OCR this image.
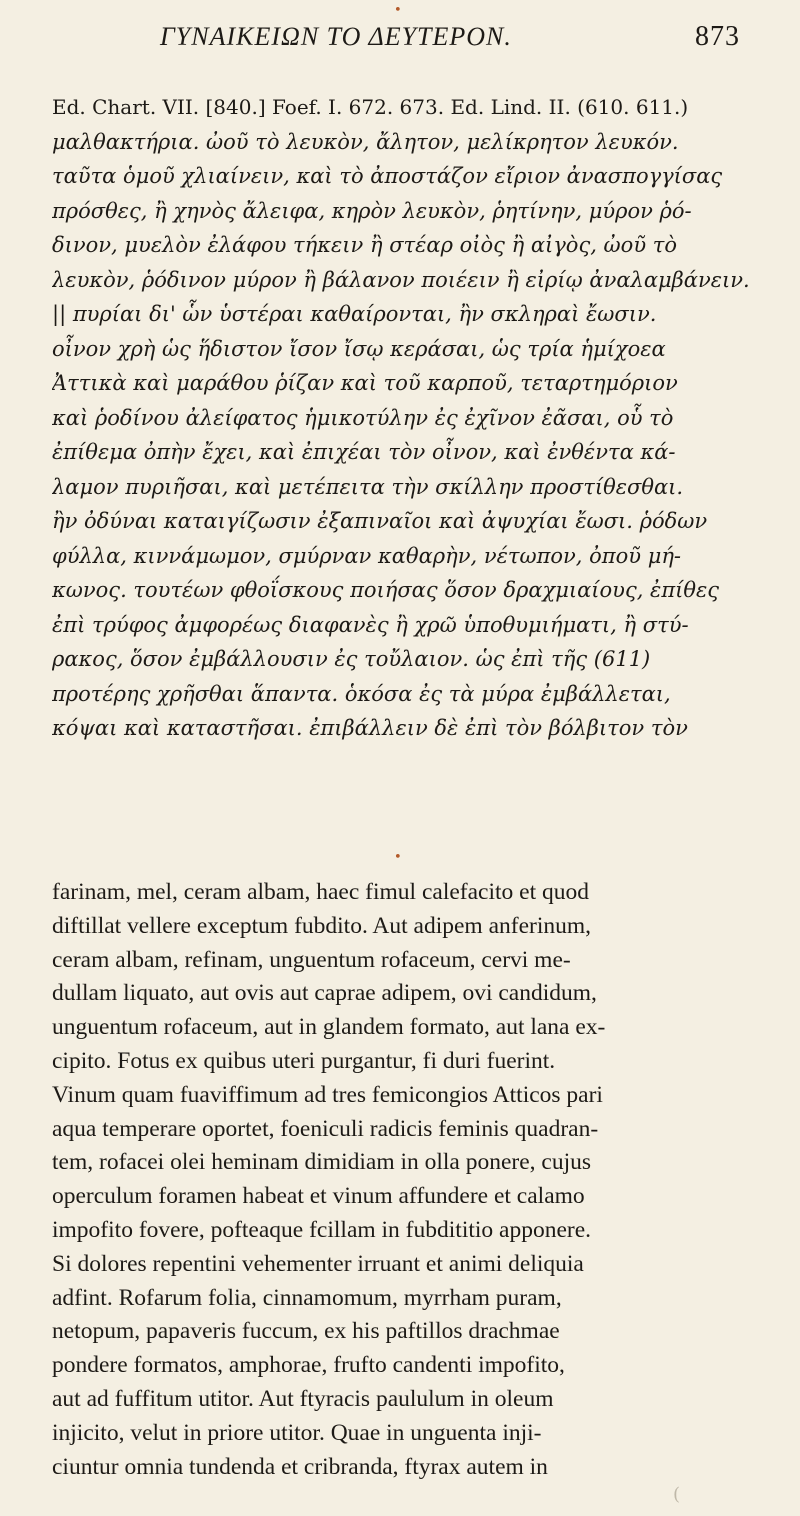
•
ΓΥΝΑΙΚΕΙΩΝ ΤΟ ΔΕΥΤΕΡΟΝ.	873
Ed. Chart. VII. [840.] Foef. I. 672. 673. Ed. Lind. II. (610. 611.)
μαλθακτήρια. ὠοῦ τὸ λευκὸν, ἄλητον, μελίκρητον λευκόν.
ταῦτα ὁμοῦ χλιαίνειν, καὶ τὸ ἀποστάζον εἴριον ἀνασπογγίσας
πρόσθες, ἢ χηνὸς ἄλειφα, κηρὸν λευκὸν, ῥητίνην, μύρον ῥό-
δινον, μυελὸν ἐλάφου τήκειν ἢ στέαρ οἰὸς ἢ αἰγὸς, ὠοῦ τὸ
λευκὸν, ῥόδινον μύρον ἢ βάλανον ποιέειν ἢ εἰρίῳ ἀναλαμβάνειν.
|| πυρίαι δι' ὧν ὑστέραι καθαίρονται, ἢν σκληραὶ ἔωσιν.
οἶνον χρὴ ὡς ἥδιστον ἴσον ἴσῳ κεράσαι, ὡς τρία ἡμίχοεα
Ἀττικὰ καὶ μαράθου ῥίζαν καὶ τοῦ καρποῦ, τεταρτημόριον
καὶ ῥοδίνου ἀλείφατος ἡμικοτύλην ἐς ἐχῖνον ἐᾶσαι, οὗ τὸ
ἐπίθεμα ὀπὴν ἔχει, καὶ ἐπιχέαι τὸν οἶνον, καὶ ἐνθέντα κά-
λαμον πυριῆσαι, καὶ μετέπειτα τὴν σκίλλην προστίθεσθαι.
ἢν ὀδύναι καταιγίζωσιν ἐξαπιναῖοι καὶ ἀψυχίαι ἔωσι. ῥόδων
φύλλα, κιννάμωμον, σμύρναν καθαρὴν, νέτωπον, ὀποῦ μή-
κωνος. τουτέων φθοΐσκους ποιήσας ὅσον δραχμιαίους, ἐπίθες
ἐπὶ τρύφος ἀμφορέως διαφανὲς ἢ χρῶ ὑποθυμιήματι, ἢ στύ-
ρακος, ὅσον ἐμβάλλουσιν ἐς τοὔλαιον. ὡς ἐπὶ τῆς (611)
προτέρης χρῆσθαι ἅπαντα. ὁκόσα ἐς τὰ μύρα ἐμβάλλεται,
κόψαι καὶ καταστῆσαι. ἐπιβάλλειν δὲ ἐπὶ τὸν βόλβιτον τὸν
•
farinam, mel, ceram albam, haec fimul calefacito et quod
diftillat vellere exceptum fubdito. Aut adipem anferinum,
ceram albam, refinam, unguentum rofaceum, cervi me-
dullam liquato, aut ovis aut caprae adipem, ovi candidum,
unguentum rofaceum, aut in glandem formato, aut lana ex-
cipito. Fotus ex quibus uteri purgantur, fi duri fuerint.
Vinum quam fuaviffimum ad tres femicongios Atticos pari
aqua temperare oportet, foeniculi radicis feminis quadran-
tem, rofacei olei heminam dimidiam in olla ponere, cujus
operculum foramen habeat et vinum affundere et calamo
impofito fovere, pofteaque fcillam in fubdititio apponere.
Si dolores repentini vehementer irruant et animi deliquia
adfint. Rofarum folia, cinnamomum, myrrham puram,
netopum, papaveris fuccum, ex his paftillos drachmae
pondere formatos, amphorae, frufto candenti impofito,
aut ad fuffitum utitor. Aut ftyracis paululum in oleum
injicito, velut in priore utitor. Quae in unguenta inji-
ciuntur omnia tundenda et cribranda, ftyrax autem in
(
